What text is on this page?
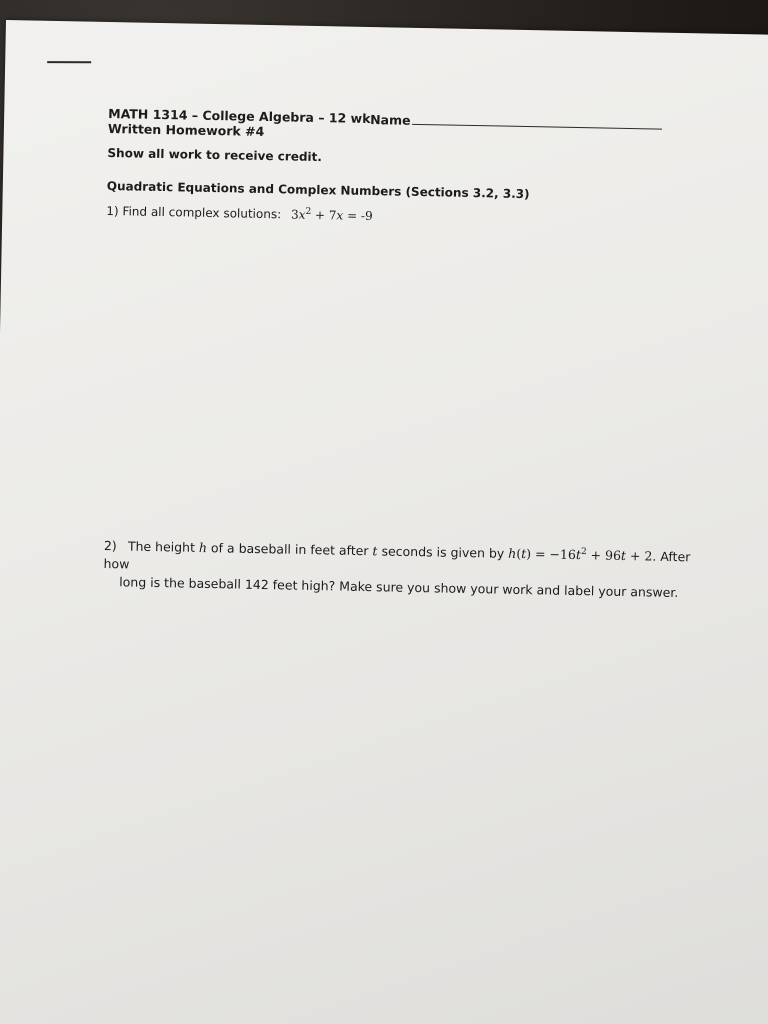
MATH 1314 – College Algebra – 12 wk Name
Written Homework #4
Show all work to receive credit.
Quadratic Equations and Complex Numbers (Sections 3.2, 3.3)
1) Find all complex solutions: $3x^2 + 7x = -9$
2) The height h of a baseball in feet after t seconds is given by $h(t) = -16t^2 + 96t + 2$. After how
long is the baseball 142 feet high? Make sure you show your work and label your answer.
